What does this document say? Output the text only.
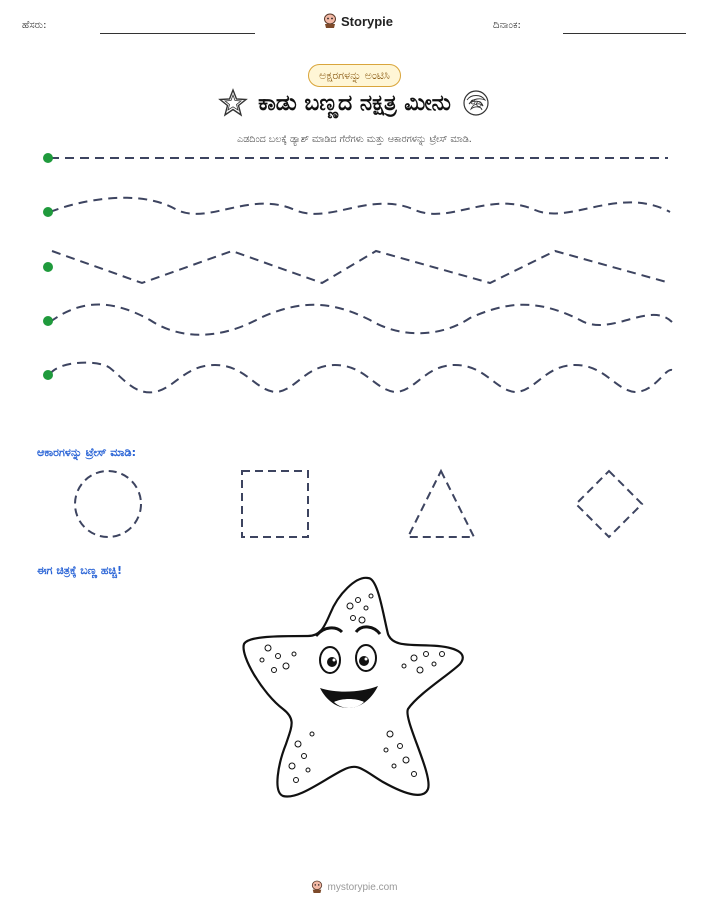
ಹೆಸರು:	Storypie	ದಿನಾಂಕ:
ಅಕ್ಷರಗಳನ್ನು ಅಂಟಿಸಿ
ಕಾಡು ಬಣ್ಣದ ನಕ್ಷತ್ರ ಮೀನು
ಎಡದಿಂದ ಬಲಕ್ಕೆ ಡ್ಯಾಶ್ ಮಾಡಿದ ಗೆರೆಗಳು ಮತ್ತು ಆಕಾರಗಳನ್ನು ಟ್ರೇಸ್ ಮಾಡಿ.
ಆಕಾರಗಳನ್ನು ಟ್ರೇಸ್ ಮಾಡಿ:
ಈಗ ಚಿತ್ರಕ್ಕೆ ಬಣ್ಣ ಹಚ್ಚಿ!
mystorypie.com
